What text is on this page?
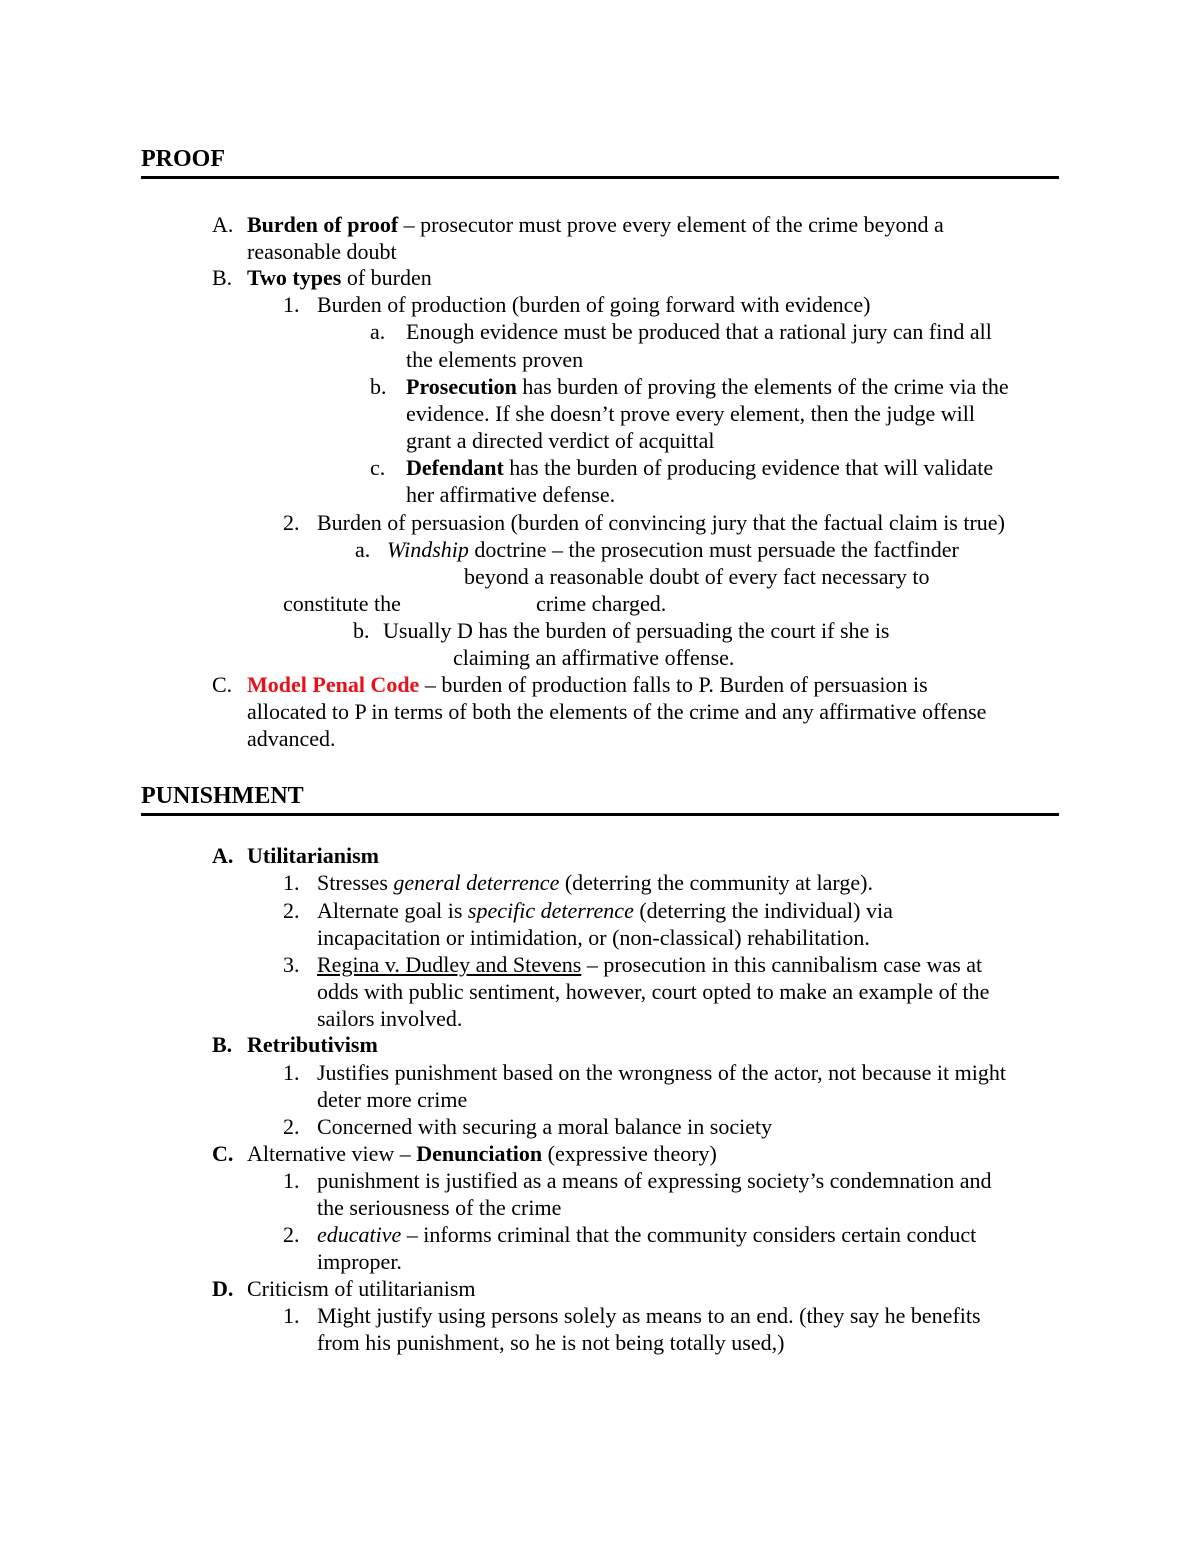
PROOF
A. Burden of proof – prosecutor must prove every element of the crime beyond a
reasonable doubt
B. Two types of burden
1. Burden of production (burden of going forward with evidence)
a. Enough evidence must be produced that a rational jury can find all
the elements proven
b. Prosecution has burden of proving the elements of the crime via the
evidence. If she doesn’t prove every element, then the judge will
grant a directed verdict of acquittal
c. Defendant has the burden of producing evidence that will validate
her affirmative defense.
2. Burden of persuasion (burden of convincing jury that the factual claim is true)
a. Windship doctrine – the prosecution must persuade the factfinder
beyond a reasonable doubt of every fact necessary to
constitute the	crime charged.
b. Usually D has the burden of persuading the court if she is
claiming an affirmative offense.
C. Model Penal Code – burden of production falls to P. Burden of persuasion is
allocated to P in terms of both the elements of the crime and any affirmative offense
advanced.
PUNISHMENT
A. Utilitarianism
1. Stresses general deterrence (deterring the community at large).
2. Alternate goal is specific deterrence (deterring the individual) via
incapacitation or intimidation, or (non-classical) rehabilitation.
3. Regina v. Dudley and Stevens – prosecution in this cannibalism case was at
odds with public sentiment, however, court opted to make an example of the
sailors involved.
B. Retributivism
1. Justifies punishment based on the wrongness of the actor, not because it might
deter more crime
2. Concerned with securing a moral balance in society
C. Alternative view – Denunciation (expressive theory)
1. punishment is justified as a means of expressing society’s condemnation and
the seriousness of the crime
2. educative – informs criminal that the community considers certain conduct
improper.
D. Criticism of utilitarianism
1. Might justify using persons solely as means to an end. (they say he benefits
from his punishment, so he is not being totally used,)
